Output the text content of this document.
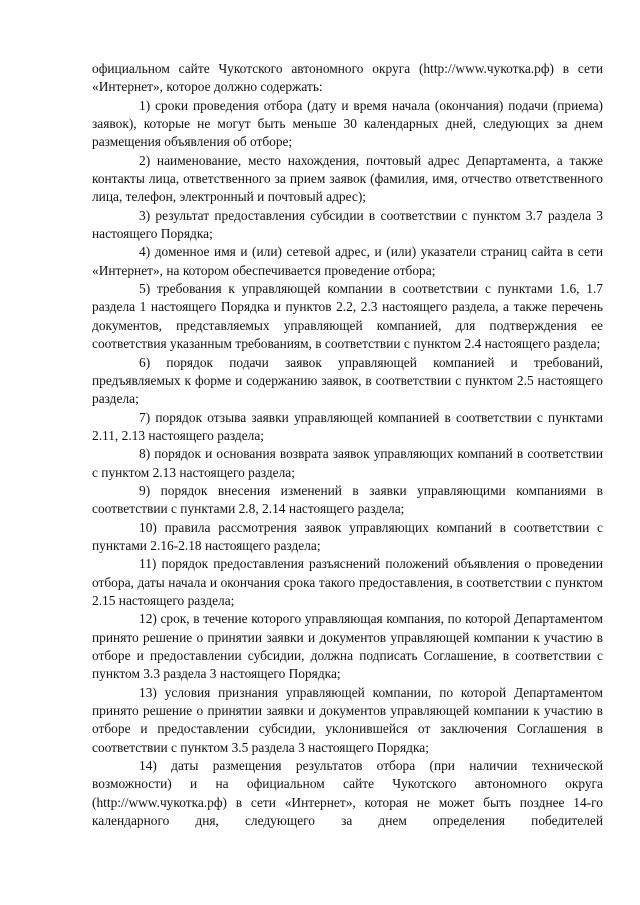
официальном сайте Чукотского автономного округа (http://www.чукотка.рф) в сети «Интернет», которое должно содержать:

1) сроки проведения отбора (дату и время начала (окончания) подачи (приема) заявок), которые не могут быть меньше 30 календарных дней, следующих за днем размещения объявления об отборе;

2) наименование, место нахождения, почтовый адрес Департамента, а также контакты лица, ответственного за прием заявок (фамилия, имя, отчество ответственного лица, телефон, электронный и почтовый адрес);

3) результат предоставления субсидии в соответствии с пунктом 3.7 раздела 3 настоящего Порядка;

4) доменное имя и (или) сетевой адрес, и (или) указатели страниц сайта в сети «Интернет», на котором обеспечивается проведение отбора;

5) требования к управляющей компании в соответствии с пунктами 1.6, 1.7 раздела 1 настоящего Порядка и пунктов 2.2, 2.3 настоящего раздела, а также перечень документов, представляемых управляющей компанией, для подтверждения ее соответствия указанным требованиям, в соответствии с пунктом 2.4 настоящего раздела;

6) порядок подачи заявок управляющей компанией и требований, предъявляемых к форме и содержанию заявок, в соответствии с пунктом 2.5 настоящего раздела;

7) порядок отзыва заявки управляющей компанией в соответствии с пунктами 2.11, 2.13 настоящего раздела;

8) порядок и основания возврата заявок управляющих компаний в соответствии с пунктом 2.13 настоящего раздела;

9) порядок внесения изменений в заявки управляющими компаниями в соответствии с пунктами 2.8, 2.14 настоящего раздела;

10) правила рассмотрения заявок управляющих компаний в соответствии с пунктами 2.16-2.18 настоящего раздела;

11) порядок предоставления разъяснений положений объявления о проведении отбора, даты начала и окончания срока такого предоставления, в соответствии с пунктом 2.15 настоящего раздела;

12) срок, в течение которого управляющая компания, по которой Департаментом принято решение о принятии заявки и документов управляющей компании к участию в отборе и предоставлении субсидии, должна подписать Соглашение, в соответствии с пунктом 3.3 раздела 3 настоящего Порядка;

13) условия признания управляющей компании, по которой Департаментом принято решение о принятии заявки и документов управляющей компании к участию в отборе и предоставлении субсидии, уклонившейся от заключения Соглашения в соответствии с пунктом 3.5 раздела 3 настоящего Порядка;

14) даты размещения результатов отбора (при наличии технической возможности) и на официальном сайте Чукотского автономного округа (http://www.чукотка.рф) в сети «Интернет», которая не может быть позднее 14-го календарного дня, следующего за днем определения победителей
